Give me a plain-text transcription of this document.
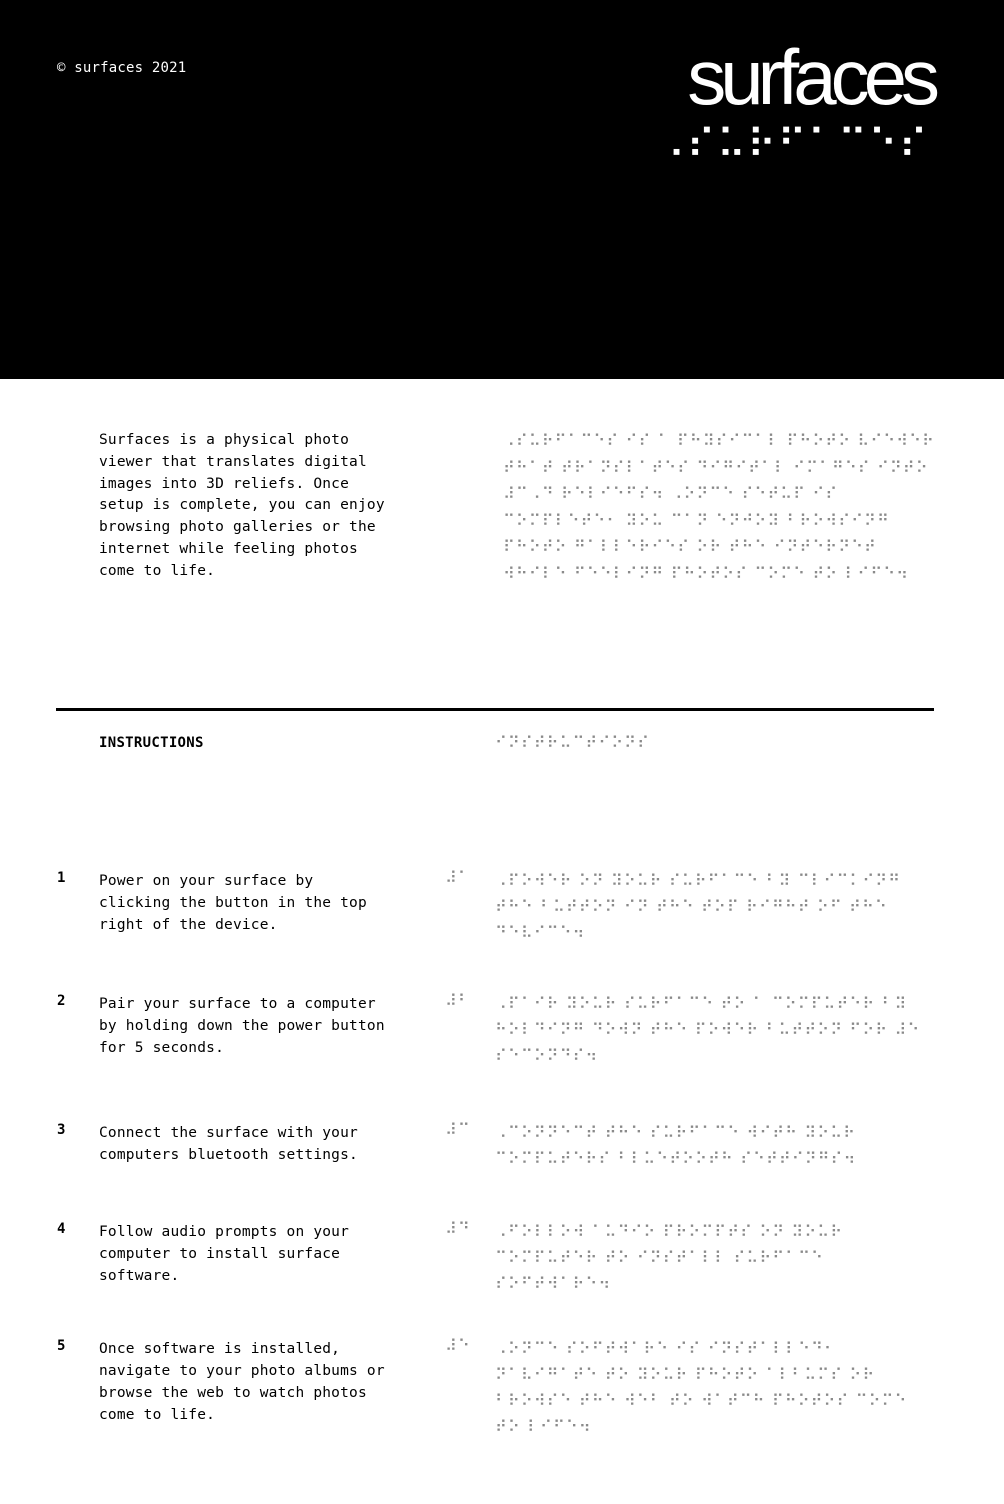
© surfaces 2021	surfaces
⠠⠎⠥⠗⠋⠁⠉⠑⠎
Surfaces is a physical photo viewer that translates digital images into 3D reliefs. Once setup is complete, you can enjoy browsing photo galleries or the internet while feeling photos come to life.
⠠⠎⠥⠗⠋⠁⠉⠑⠎ ⠊⠎ ⠁ ⠏⠓⠽⠎⠊⠉⠁⠇ ⠏⠓⠕⠞⠕ ⠧⠊⠑⠺⠑⠗ ⠞⠓⠁⠞ ⠞⠗⠁⠝⠎⠇⠁⠞⠑⠎ ⠙⠊⠛⠊⠞⠁⠇ ⠊⠍⠁⠛⠑⠎ ⠊⠝⠞⠕ ⠼⠉⠠⠙ ⠗⠑⠇⠊⠑⠋⠎⠲ ⠠⠕⠝⠉⠑ ⠎⠑⠞⠥⠏ ⠊⠎ ⠉⠕⠍⠏⠇⠑⠞⠑⠂ ⠽⠕⠥ ⠉⠁⠝ ⠑⠝⠚⠕⠽ ⠃⠗⠕⠺⠎⠊⠝⠛ ⠏⠓⠕⠞⠕ ⠛⠁⠇⠇⠑⠗⠊⠑⠎ ⠕⠗ ⠞⠓⠑ ⠊⠝⠞⠑⠗⠝⠑⠞ ⠺⠓⠊⠇⠑ ⠋⠑⠑⠇⠊⠝⠛ ⠏⠓⠕⠞⠕⠎ ⠉⠕⠍⠑ ⠞⠕ ⠇⠊⠋⠑⠲
INSTRUCTIONS	⠊⠝⠎⠞⠗⠥⠉⠞⠊⠕⠝⠎
1 Power on your surface by clicking the button in the top right of the device.
⠼⠁ ⠠⠏⠕⠺⠑⠗ ⠕⠝ ⠽⠕⠥⠗ ⠎⠥⠗⠋⠁⠉⠑ ⠃⠽ ⠉⠇⠊⠉⠅⠊⠝⠛ ⠞⠓⠑ ⠃⠥⠞⠞⠕⠝ ⠊⠝ ⠞⠓⠑ ⠞⠕⠏ ⠗⠊⠛⠓⠞ ⠕⠋ ⠞⠓⠑ ⠙⠑⠧⠊⠉⠑⠲
2 Pair your surface to a computer by holding down the power button for 5 seconds.
⠼⠃ ⠠⠏⠁⠊⠗ ⠽⠕⠥⠗ ⠎⠥⠗⠋⠁⠉⠑ ⠞⠕ ⠁ ⠉⠕⠍⠏⠥⠞⠑⠗ ⠃⠽ ⠓⠕⠇⠙⠊⠝⠛ ⠙⠕⠺⠝ ⠞⠓⠑ ⠏⠕⠺⠑⠗ ⠃⠥⠞⠞⠕⠝ ⠋⠕⠗ ⠼⠑ ⠎⠑⠉⠕⠝⠙⠎⠲
3 Connect the surface with your computers bluetooth settings.
⠼⠉ ⠠⠉⠕⠝⠝⠑⠉⠞ ⠞⠓⠑ ⠎⠥⠗⠋⠁⠉⠑ ⠺⠊⠞⠓ ⠽⠕⠥⠗ ⠉⠕⠍⠏⠥⠞⠑⠗⠎ ⠃⠇⠥⠑⠞⠕⠕⠞⠓ ⠎⠑⠞⠞⠊⠝⠛⠎⠲
4 Follow audio prompts on your computer to install surface software.
⠼⠙ ⠠⠋⠕⠇⠇⠕⠺ ⠁⠥⠙⠊⠕ ⠏⠗⠕⠍⠏⠞⠎ ⠕⠝ ⠽⠕⠥⠗ ⠉⠕⠍⠏⠥⠞⠑⠗ ⠞⠕ ⠊⠝⠎⠞⠁⠇⠇ ⠎⠥⠗⠋⠁⠉⠑ ⠎⠕⠋⠞⠺⠁⠗⠑⠲
5 Once software is installed, navigate to your photo albums or browse the web to watch photos come to life.
⠼⠑ ⠠⠕⠝⠉⠑ ⠎⠕⠋⠞⠺⠁⠗⠑ ⠊⠎ ⠊⠝⠎⠞⠁⠇⠇⠑⠙⠂ ⠝⠁⠧⠊⠛⠁⠞⠑ ⠞⠕ ⠽⠕⠥⠗ ⠏⠓⠕⠞⠕ ⠁⠇⠃⠥⠍⠎ ⠕⠗ ⠃⠗⠕⠺⠎⠑ ⠞⠓⠑ ⠺⠑⠃ ⠞⠕ ⠺⠁⠞⠉⠓ ⠏⠓⠕⠞⠕⠎ ⠉⠕⠍⠑ ⠞⠕ ⠇⠊⠋⠑⠲
